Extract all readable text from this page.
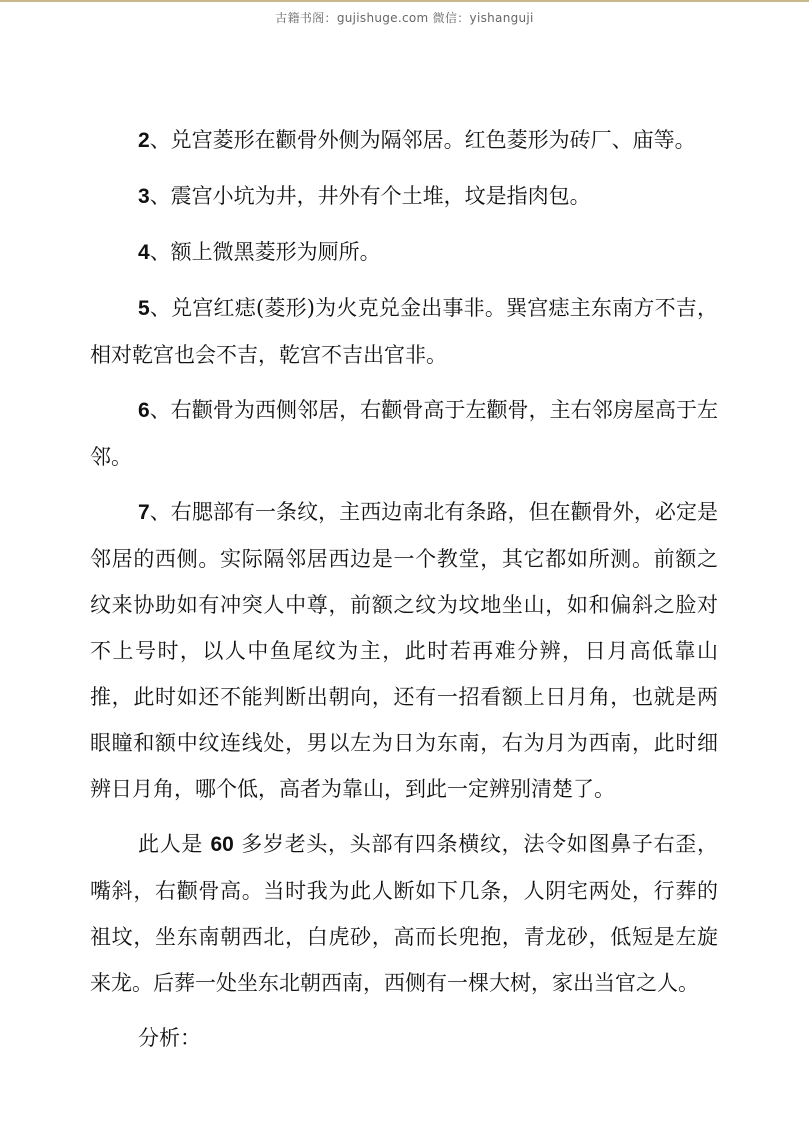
古籍书阁：gujishuge.com 微信：yishanguji

2、兑宫菱形在颧骨外侧为隔邻居。红色菱形为砖厂、庙等。

3、震宫小坑为井，井外有个土堆，坟是指肉包。

4、额上微黑菱形为厕所。

5、兑宫红痣(菱形)为火克兑金出事非。巽宫痣主东南方不吉，相对乾宫也会不吉，乾宫不吉出官非。

6、右颧骨为西侧邻居，右颧骨高于左颧骨，主右邻房屋高于左邻。

7、右腮部有一条纹，主西边南北有条路，但在颧骨外，必定是邻居的西侧。实际隔邻居西边是一个教堂，其它都如所测。前额之纹来协助如有冲突人中尊，前额之纹为坟地坐山，如和偏斜之脸对不上号时，以人中鱼尾纹为主，此时若再难分辨，日月高低靠山推，此时如还不能判断出朝向，还有一招看额上日月角，也就是两眼瞳和额中纹连线处，男以左为日为东南，右为月为西南，此时细辨日月角，哪个低，高者为靠山，到此一定辨别清楚了。

此人是 60 多岁老头，头部有四条横纹，法令如图鼻子右歪，嘴斜，右颧骨高。当时我为此人断如下几条，人阴宅两处，行葬的祖坟，坐东南朝西北，白虎砂，高而长兜抱，青龙砂，低短是左旋来龙。后葬一处坐东北朝西南，西侧有一棵大树，家出当官之人。

分析：
